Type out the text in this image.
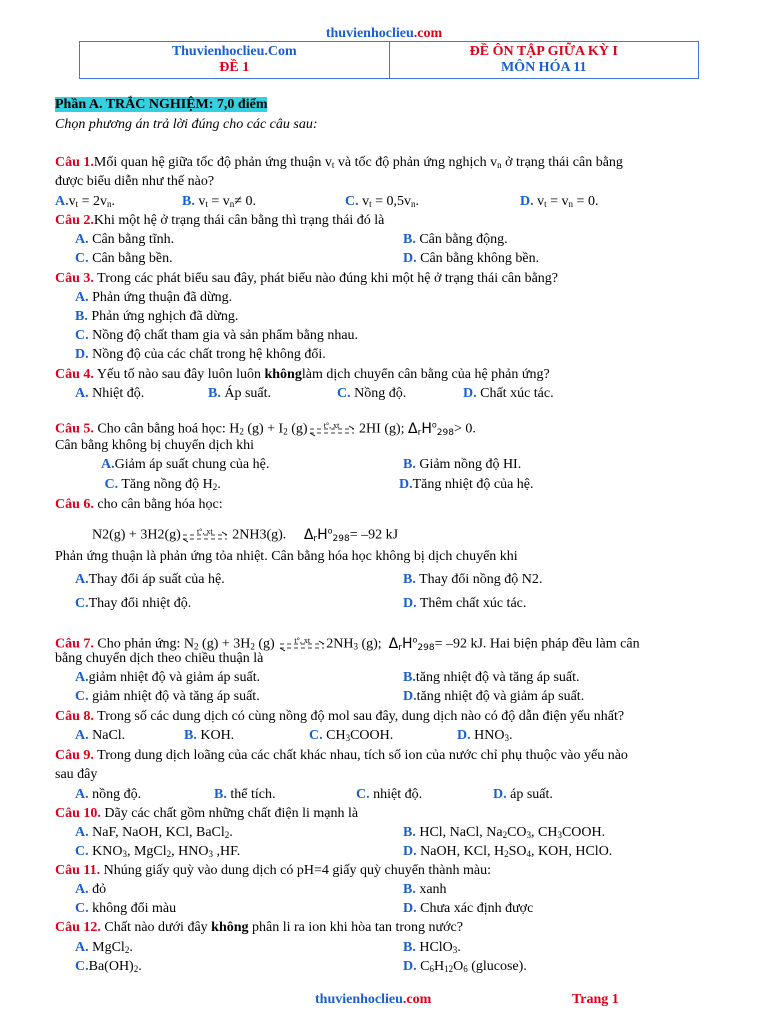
thuvienhoclieu.com
Thuvienhoclieu.Com
ĐỀ 1
ĐỀ ÔN TẬP GIỮA KỲ I
MÔN HÓA 11
Phần A. TRẮC NGHIỆM: 7,0 điểm
Chọn phương án trả lời đúng cho các câu sau:
Câu 1.Mối quan hệ giữa tốc độ phản ứng thuận $v_t$ và tốc độ phản ứng nghịch $v_n$ ở trạng thái cân bằng
được biểu diễn như thế nào?
$A.v_t = 2v_n$.	B. $v_t = v_n\ne 0$.	C. $v_t = 0,5v_n$.	D. $v_t = v_n = 0$.
Câu 2.Khi một hệ ở trạng thái cân bằng thì trạng thái đó là
A. Cân bằng tĩnh.	B. Cân bằng động.
C. Cân bằng bền.	D. Cân bằng không bền.
Câu 3. Trong các phát biểu sau đây, phát biểu nào đúng khi một hệ ở trạng thái cân bằng?
A. Phản ứng thuận đã dừng.
B. Phản ứng nghịch đã dừng.
C. Nồng độ chất tham gia và sản phẩm bằng nhau.
D. Nồng độ của các chất trong hệ không đổi.
Câu 4. Yếu tố nào sau đây luôn luôn khônglàm dịch chuyển cân bằng của hệ phản ứng?
A. Nhiệt độ.	B. Áp suất.	C. Nồng độ.	D. Chất xúc tác.
Câu 5. Cho cân bằng hoá học: $H_2$ $(g) + I_2$ (g)	t°, xt	2HI (g); $\Delta_rH^o_{298}> 0$.
Cân bằng không bị chuyển dịch khi
A.Giảm áp suất chung của hệ.	B. Giảm nồng độ HI.
C. Tăng nồng độ $H_2$.	D.Tăng nhiệt độ của hệ.
Câu 6. cho cân bằng hóa học:
N2(g) + 3H2(g)	t°, xt	2NH3(g). $\Delta_rH^o_{298}= -92$ kJ
Phản ứng thuận là phản ứng tỏa nhiệt. Cân bằng hóa học không bị dịch chuyển khi
A.Thay đổi áp suất của hệ.	B. Thay đổi nồng độ N2.
C.Thay đổi nhiệt độ.	D. Thêm chất xúc tác.
Câu 7. Cho phản ứng: $N_2$ $(g) + 3H_2$ (g)	t°, xt	$2NH_3$ (g);  $\Delta_rH^o_{298}= -92$ kJ. Hai biện pháp đều làm cân
bằng chuyển dịch theo chiều thuận là
A.giảm nhiệt độ và giảm áp suất.	B.tăng nhiệt độ và tăng áp suất.
C. giảm nhiệt độ và tăng áp suất.	D.tăng nhiệt độ và giảm áp suất.
Câu 8. Trong số các dung dịch có cùng nồng độ mol sau đây, dung dịch nào có độ dẫn điện yếu nhất?
A. NaCl.	B. KOH.	C. $CH_3COOH$.	D. $HNO_3$.
Câu 9. Trong dung dịch loãng của các chất khác nhau, tích số ion của nước chỉ phụ thuộc vào yếu nào
sau đây
A. nồng độ.	B. thể tích.	C. nhiệt độ.	D. áp suất.
Câu 10. Dãy các chất gồm những chất điện li mạnh là
A. NaF, NaOH, KCl, BaCl$_2$.	B. HCl, NaCl, $Na_2CO_3$, $CH_3COOH$.
C. $KNO_3$, MgCl$_2$, $HNO_3$ ,HF.	D. NaOH, KCl, $H_2SO_4$, KOH, HClO.
Câu 11. Nhúng giấy quỳ vào dung dịch có pH=4 giấy quỳ chuyển thành màu:
A. đỏ	B. xanh
C. không đổi màu	D. Chưa xác định được
Câu 12. Chất nào dưới đây không phân li ra ion khi hòa tan trong nước?
A. MgCl$_2$.	B. HClO$_3$.
$C.Ba(OH)_2$.	D. $C_6H_{12}O_6$ (glucose).
thuvienhoclieu.com	Trang 1
